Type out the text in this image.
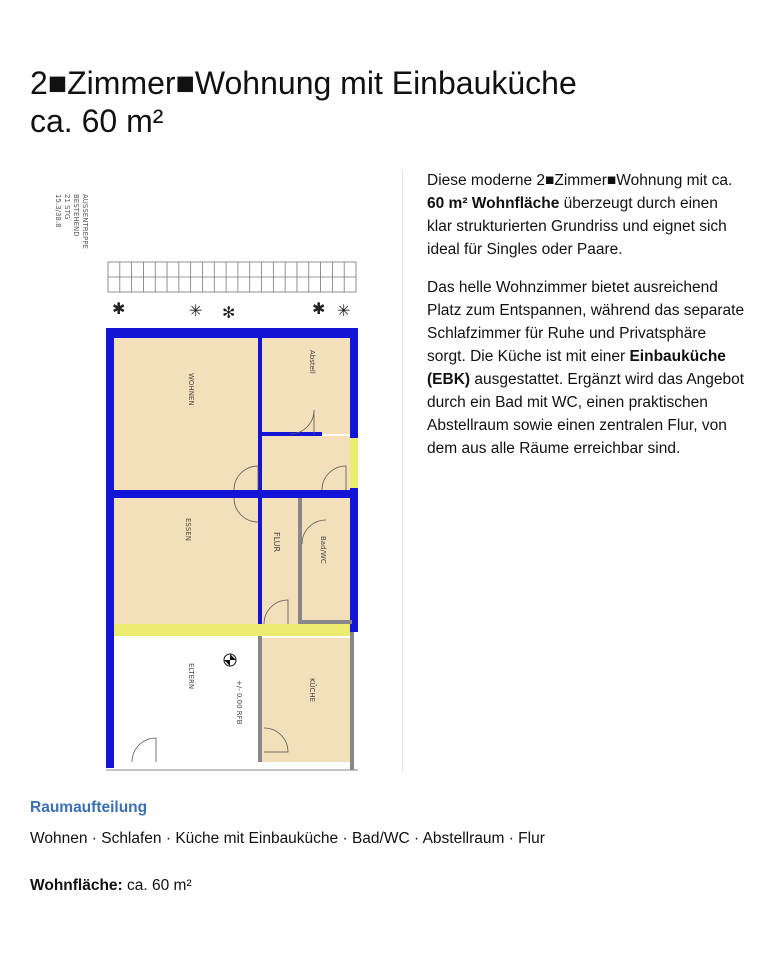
2■Zimmer■Wohnung mit Einbauküche
ca. 60 m²
AUSSENTREPPE
BESTEHEND
21 STG
15.3/38.8
✱	✳ ✻	✱ ✳
WOHNEN
Abstell
ESSEN
FLUR	Bad/WC
ELTERN
KÜCHE
+/- 0.00 RFB

Diese moderne 2■Zimmer■Wohnung mit ca. 60 m² Wohnfläche überzeugt durch einen klar strukturierten Grundriss und eignet sich ideal für Singles oder Paare.

Das helle Wohnzimmer bietet ausreichend Platz zum Entspannen, während das separate Schlafzimmer für Ruhe und Privatsphäre sorgt. Die Küche ist mit einer Einbauküche (EBK) ausgestattet. Ergänzt wird das Angebot durch ein Bad mit WC, einen praktischen Abstellraum sowie einen zentralen Flur, von dem aus alle Räume erreichbar sind.

Raumaufteilung
Wohnen · Schlafen · Küche mit Einbauküche · Bad/WC · Abstellraum · Flur
Wohnfläche: ca. 60 m²
